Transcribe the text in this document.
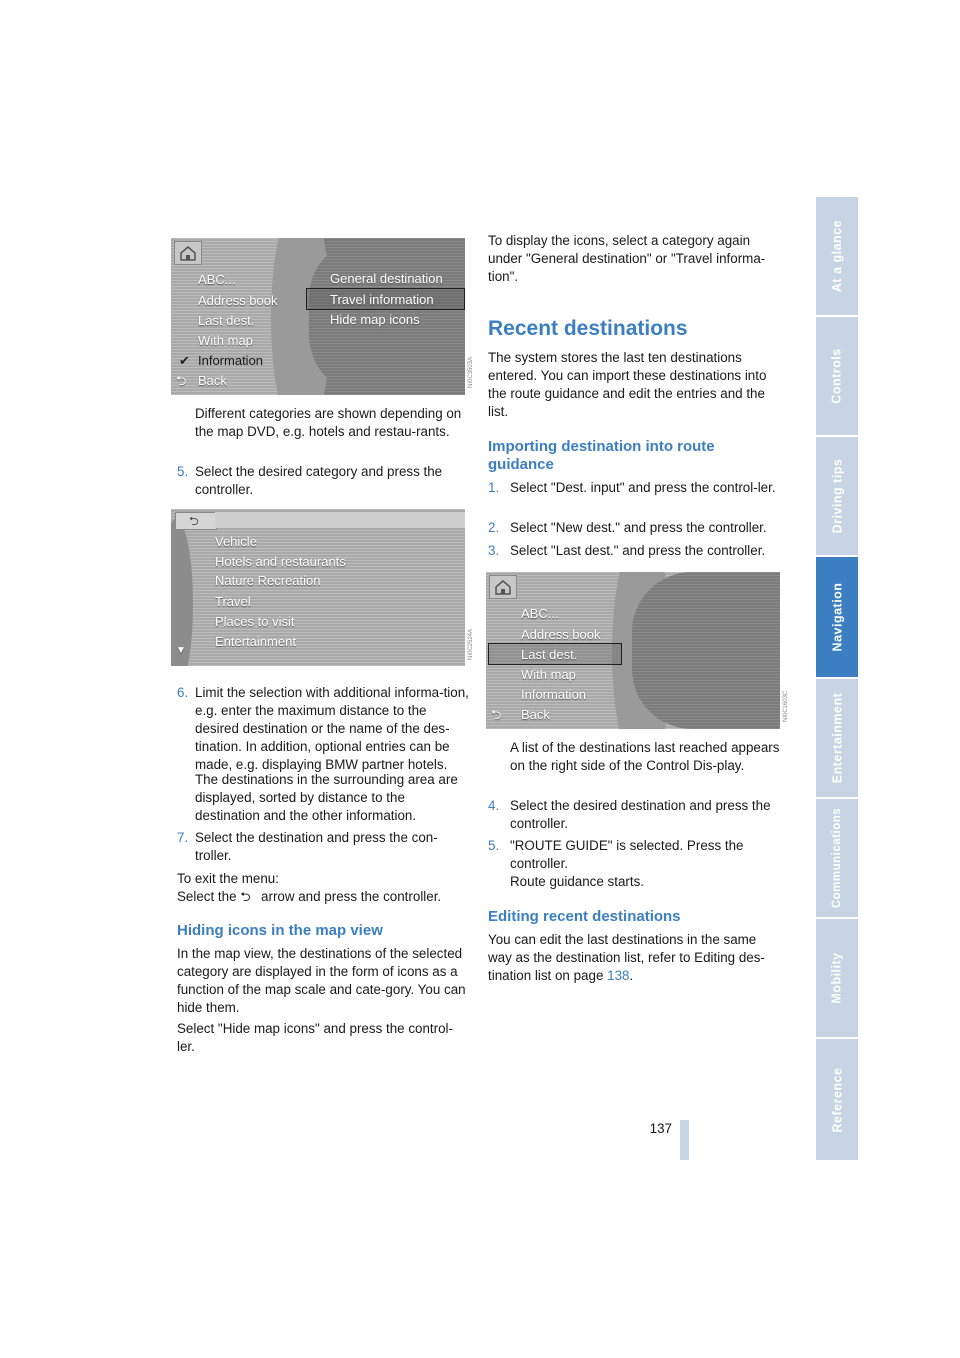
ABC...
Address book
Last dest.
With map
✔ Information
⮌ Back
General destination
Travel information
Hide map icons
NI0C3503A
⮌
Vehicle
Hotels and restaurants
Nature Recreation
Travel
Places to visit
Entertainment
▼	NI0C2524A
ABC...
Address book
Last dest.
With map
Information
⮌ Back	NI0C1603C
Different categories are shown depending on the map DVD, e.g. hotels and restau-rants.
5. Select the desired category and press the controller.
6. Limit the selection with additional informa-tion, e.g. enter the maximum distance to the desired destination or the name of the des-tination. In addition, optional entries can be made, e.g. displaying BMW partner hotels.
The destinations in the surrounding area are displayed, sorted by distance to the destination and the other information.
7. Select the destination and press the con-troller.
To exit the menu:
Select the ⮌ arrow and press the controller.
Hiding icons in the map view
In the map view, the destinations of the selected category are displayed in the form of icons as a function of the map scale and cate-gory. You can hide them.
Select "Hide map icons" and press the control-ler.
To display the icons, select a category again under "General destination" or "Travel informa-tion".
Recent destinations
The system stores the last ten destinations entered. You can import these destinations into the route guidance and edit the entries and the list.
Importing destination into route guidance
1. Select "Dest. input" and press the control-ler.
2. Select "New dest." and press the controller.
3. Select "Last dest." and press the controller.
A list of the destinations last reached appears on the right side of the Control Dis-play.
4. Select the desired destination and press the controller.
5. "ROUTE GUIDE" is selected. Press the controller.
Route guidance starts.
Editing recent destinations
You can edit the last destinations in the same way as the destination list, refer to Editing des-tination list on page 138.
At a glance
Controls
Driving tips
Navigation
Entertainment
Communications
Mobility
Reference
137
